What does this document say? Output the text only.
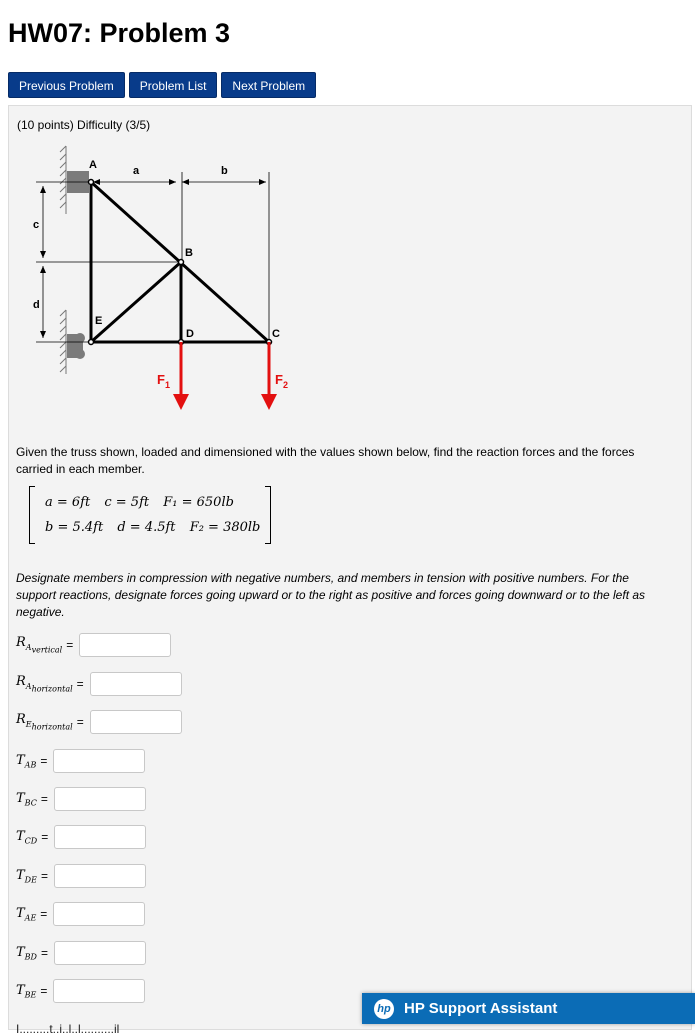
HW07: Problem 3
Previous Problem	Problem List	Next Problem
(10 points) Difficulty (3/5)
a	b
c
d
A
B
C
D
E
$F_1$	$F_2$
Given the truss shown, loaded and dimensioned with the values shown below, find the reaction forces and the forces carried in each member.
a = 6ft c = 5ft F₁ = 650lb
b = 5.4ft d = 4.5ft F₂ = 380lb
Designate members in compression with negative numbers, and members in tension with positive numbers. For the support reactions, designate forces going upward or to the right as positive and forces going downward or to the left as negative.
$R_{A_{vertical}}$ =
$R_{A_{horizontal}}$ =
$R_{E_{horizontal}}$ =
$T_{AB}$ =
$T_{BC}$ =
$T_{CD}$ =
$T_{DE}$ =
$T_{AE}$ =
$T_{BD}$ =
$T_{BE}$ =
I.........t..i..l..l..........il
hp HP Support Assistant
